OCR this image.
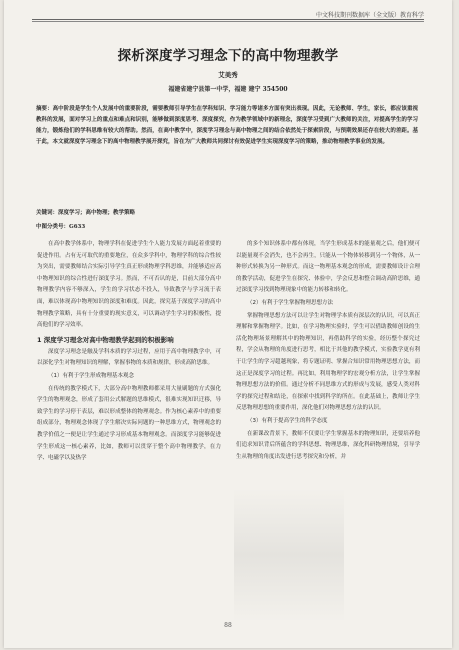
中文科技期刊数据库（全文版）教育科学
探析深度学习理念下的高中物理教学
艾美秀
福建省建宁县第一中学，福建 建宁 354500
摘要：高中阶段是学生个人发展中的重要阶段，需要教师引导学生在学科知识、学习能力等诸多方面有突出表现。因此，无论教师、学生，家长，都应该重视教科的发展，面对学习上的重点和难点和识别，能够做到深度思考、深度探究，作为教学领域中的新理念，深度学习受到广大教师的关注，对提高学生的学习能力，锻炼他们的学科思维有较大的帮助。然而，在高中教学中，深度学习理念与高中物理之间的结合依然处于探索阶段，与预期效果还存在较大的差距。基于此，本文就深度学习理念下的高中物理教学展开探究，旨在为广大教师共同探讨有效促进学生实现深度学习的策略，推动物理教学事业的发展。
关键词：深度学习；高中物理；教学策略
中图分类号：G633

在高中教学体系中，物理学科在促进学生个人能力发展方面起着重要的促进作用。占有无可取代的重要地位，在众多学科中，物理学科的综合性较为突出，需要教师结合实际引导学生真正形成物理学科思维，并能够适应高中物理知识的综合性进行深度学习。然而，不可否认的是，目前大部分高中物理教学内容不够深入，学生的学习状态不投入，导致教学与学习流于表面，难以体现高中物理知识的深度和难度。因此，探究基于深度学习的高中物理教学策略，具有十分重要的现实意义，可以调动学生学习的积极性，提高他们的学习效率。

1 深度学习理念对高中物理教学起到的积极影响

深度学习理念是触及学科本质的学习过程，应用于高中物理教学中，可以深化学生对物理知识的理解，掌握事物的本质和规律，形成高阶思维。

（1）有利于学生形成物理基本观念

在传统的教学模式下，大部分高中物理教师都采用大量刷题的方式强化学生的物理观念，形成了套用公式解题的思维模式，很难实现知识迁移，导致学生的学习停于表层，难以形成整体的物理观念。作为核心素养中的重要组成部分，物理观念体现了学生解决实际问题的一种思维方式，物理观念的教学价值之一便是让学生通过学习形成基本物理观念。而深度学习能够促进学生形成这一核心素养，比如，教师可以贯穿于整个高中物理教学，在力学、电磁学以及热学

的多个知识体系中都有体现，当学生形成基本的能量观之后，他们便可以能量观不会消失，也不会再生，只能从一个物体转移到另一个物体，从一种形式转换为另一种形式。而这一物理基本观念的形成，需要教师设计合理的教学活动，促进学生在探究、体验中，学会反思和整合调动高阶思维，通过深度学习找到物理现象中的能力转移和转化。

（2）有利于学生掌握物理思想方法

掌握物理思想方法可以让学生对物理学本质有深层次的认识，可以真正理解和掌握物理学。比如，在学习物理实验时，学生可以借助教师创设的生活化物理场景理解其中的物理知识，再借助科学的实验，经历整个探究过程，学会从物理的角度进行思考，相比于其他的教学模式，实验教学更有利于让学生的学习超越现象，将专题证明、掌握合知识常用物理思想方法，而这正是深度学习的过程。再比如，利用物理学的宏观分析方法，让学生掌握物理思想方法的价值。通过分析不同思维方式的形成与发展，感受人类对科学的探究过程和结论，在探索中找到科学的所在。在此基础上，教师让学生反思物理思想的重要作用，深化他们对物理思想方法的认识。

（3）有利于提高学生的科学态度

在新课改背景下，教师不仅要让学生掌握基本的物理知识，还要培养他们追求知识背后所蕴含的学科思想、物理思维，深化科研物理情境，引导学生从物理的角度出发进行思考探究和分析，并

88
